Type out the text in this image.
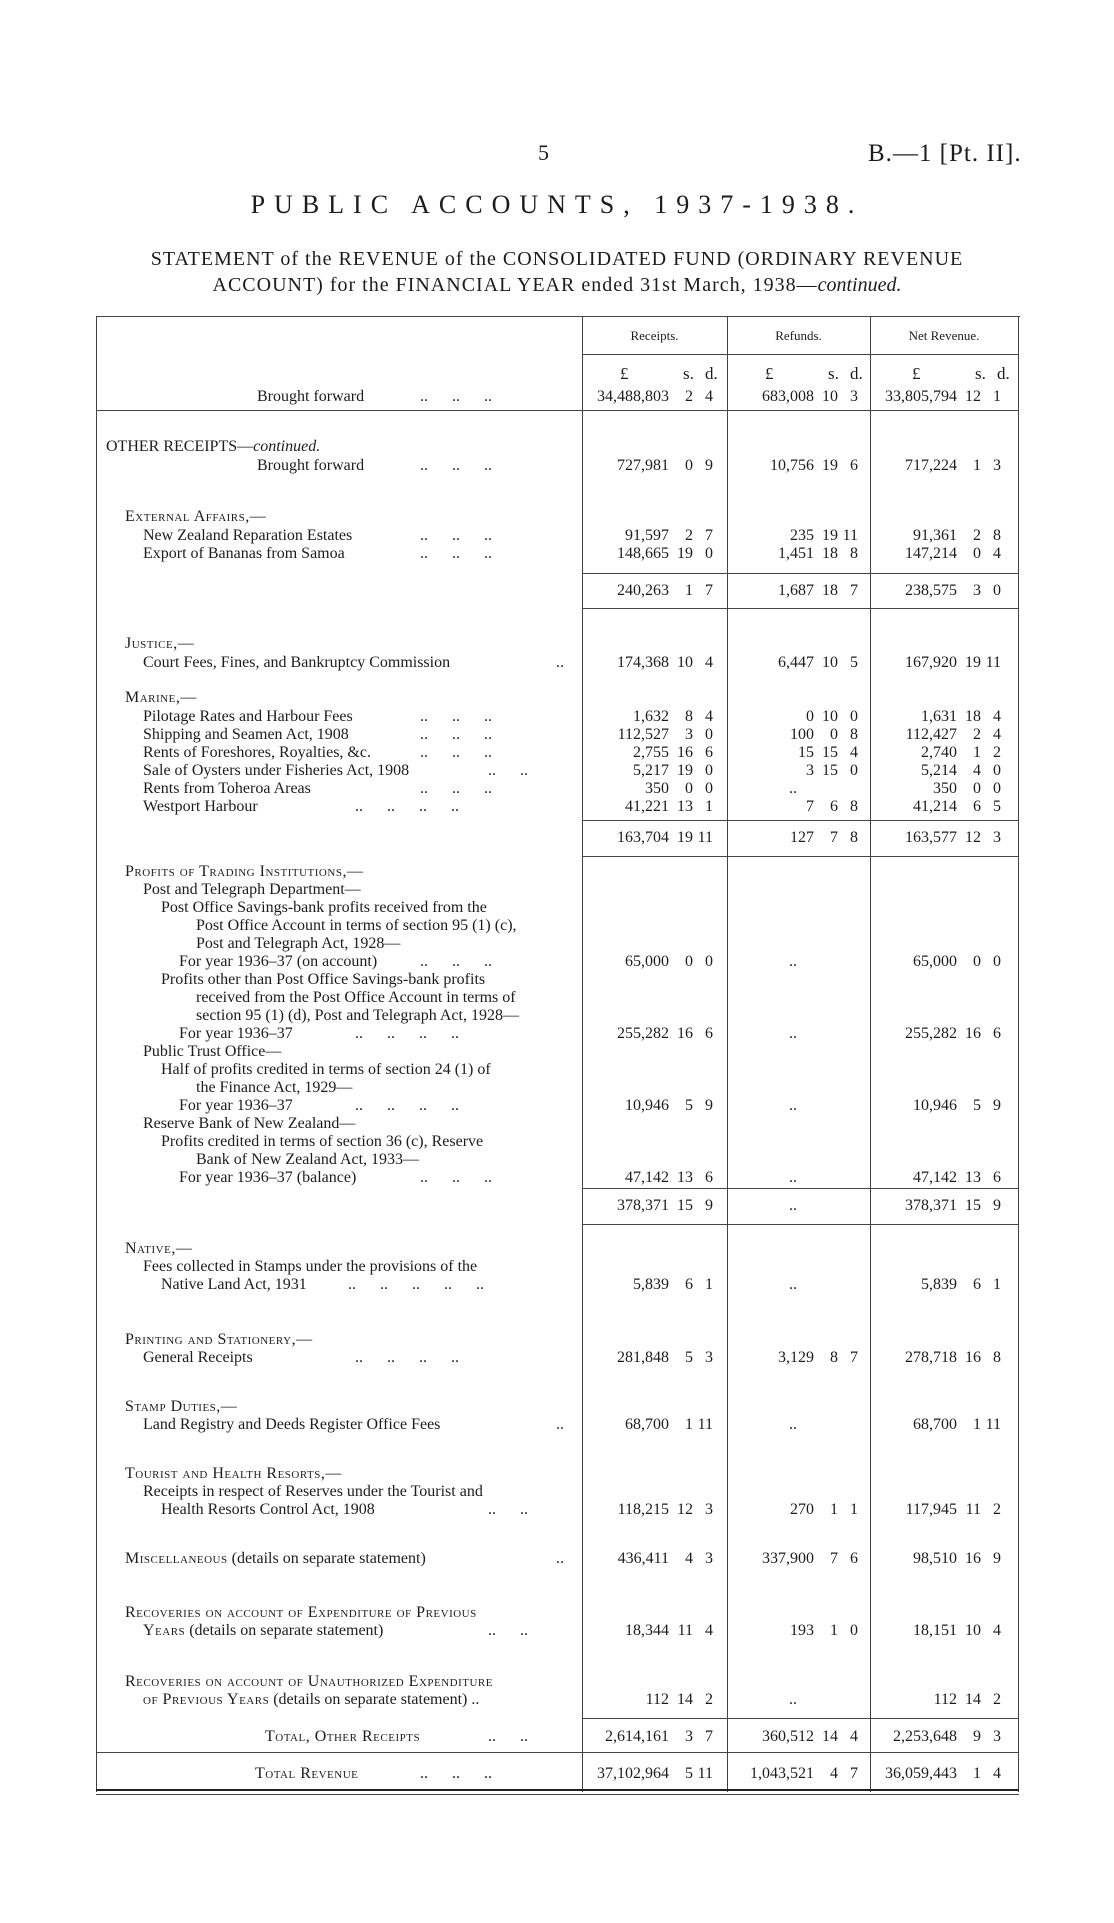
5	B.—1 [Pt. II].
PUBLIC ACCOUNTS, 1937-1938.
STATEMENT of the REVENUE of the CONSOLIDATED FUND (ORDINARY REVENUE
ACCOUNT) for the FINANCIAL YEAR ended 31st March, 1938—continued.
Receipts.	Refunds.	Net Revenue.
£	s. d.	£	s. d.	£	s. d.
Brought forward	..      ..      ..	34,488,803 2 4	683,008 10 3	33,805,794 12 1
OTHER RECEIPTS—continued.
Brought forward	..      ..      ..	727,981 0 9	10,756 19 6	717,224 1 3
External Affairs,—
New Zealand Reparation Estates	..      ..      ..	91,597 2 7	235 19 11	91,361 2 8
Export of Bananas from Samoa	..      ..      ..	148,665 19 0	1,451 18 8	147,214 0 4
240,263 1 7	1,687 18 7	238,575 3 0
Justice,—
Court Fees, Fines, and Bankruptcy Commission	..	174,368 10 4	6,447 10 5	167,920 19 11
Marine,—
Pilotage Rates and Harbour Fees	..      ..      ..	1,632 8 4	0 10 0	1,631 18 4
Shipping and Seamen Act, 1908	..      ..      ..	112,527 3 0	100 0 8	112,427 2 4
Rents of Foreshores, Royalties, &c.	..      ..      ..	2,755 16 6	15 15 4	2,740 1 2
Sale of Oysters under Fisheries Act, 1908	..      ..	5,217 19 0	3 15 0	5,214 4 0
Rents from Toheroa Areas	..      ..      ..	350 0 0	..	350 0 0
Westport Harbour	..      ..      ..      ..	41,221 13 1	7 6 8	41,214 6 5
163,704 19 11	127 7 8	163,577 12 3
Profits of Trading Institutions,—
Post and Telegraph Department—
Post Office Savings-bank profits received from the
Post Office Account in terms of section 95 (1) (c),
Post and Telegraph Act, 1928—
For year 1936–37 (on account)	..      ..      ..	65,000 0 0	..	65,000 0 0
Profits other than Post Office Savings-bank profits
received from the Post Office Account in terms of
section 95 (1) (d), Post and Telegraph Act, 1928—
For year 1936–37	..      ..      ..      ..	255,282 16 6	..	255,282 16 6
Public Trust Office—
Half of profits credited in terms of section 24 (1) of
the Finance Act, 1929—
For year 1936–37	..      ..      ..      ..	10,946 5 9	..	10,946 5 9
Reserve Bank of New Zealand—
Profits credited in terms of section 36 (c), Reserve
Bank of New Zealand Act, 1933—
For year 1936–37 (balance)	..      ..      ..	47,142 13 6	..	47,142 13 6
378,371 15 9	..	378,371 15 9
Native,—
Fees collected in Stamps under the provisions of the
Native Land Act, 1931	..      ..      ..      ..      ..	5,839 6 1	..	5,839 6 1
Printing and Stationery,—
General Receipts	..      ..      ..      ..	281,848 5 3	3,129 8 7	278,718 16 8
Stamp Duties,—
Land Registry and Deeds Register Office Fees	..	68,700 1 11	..	68,700 1 11
Tourist and Health Resorts,—
Receipts in respect of Reserves under the Tourist and
Health Resorts Control Act, 1908	..      ..	118,215 12 3	270 1 1	117,945 11 2
Miscellaneous (details on separate statement)	..	436,411 4 3	337,900 7 6	98,510 16 9
Recoveries on account of Expenditure of Previous
Years (details on separate statement)	..      ..	18,344 11 4	193 1 0	18,151 10 4
Recoveries on account of Unauthorized Expenditure
of Previous Years (details on separate statement) ..	112 14 2	..	112 14 2
Total, Other Receipts	..      ..	2,614,161 3 7	360,512 14 4	2,253,648 9 3
Total Revenue	..      ..      ..	37,102,964 5 11	1,043,521 4 7	36,059,443 1 4
